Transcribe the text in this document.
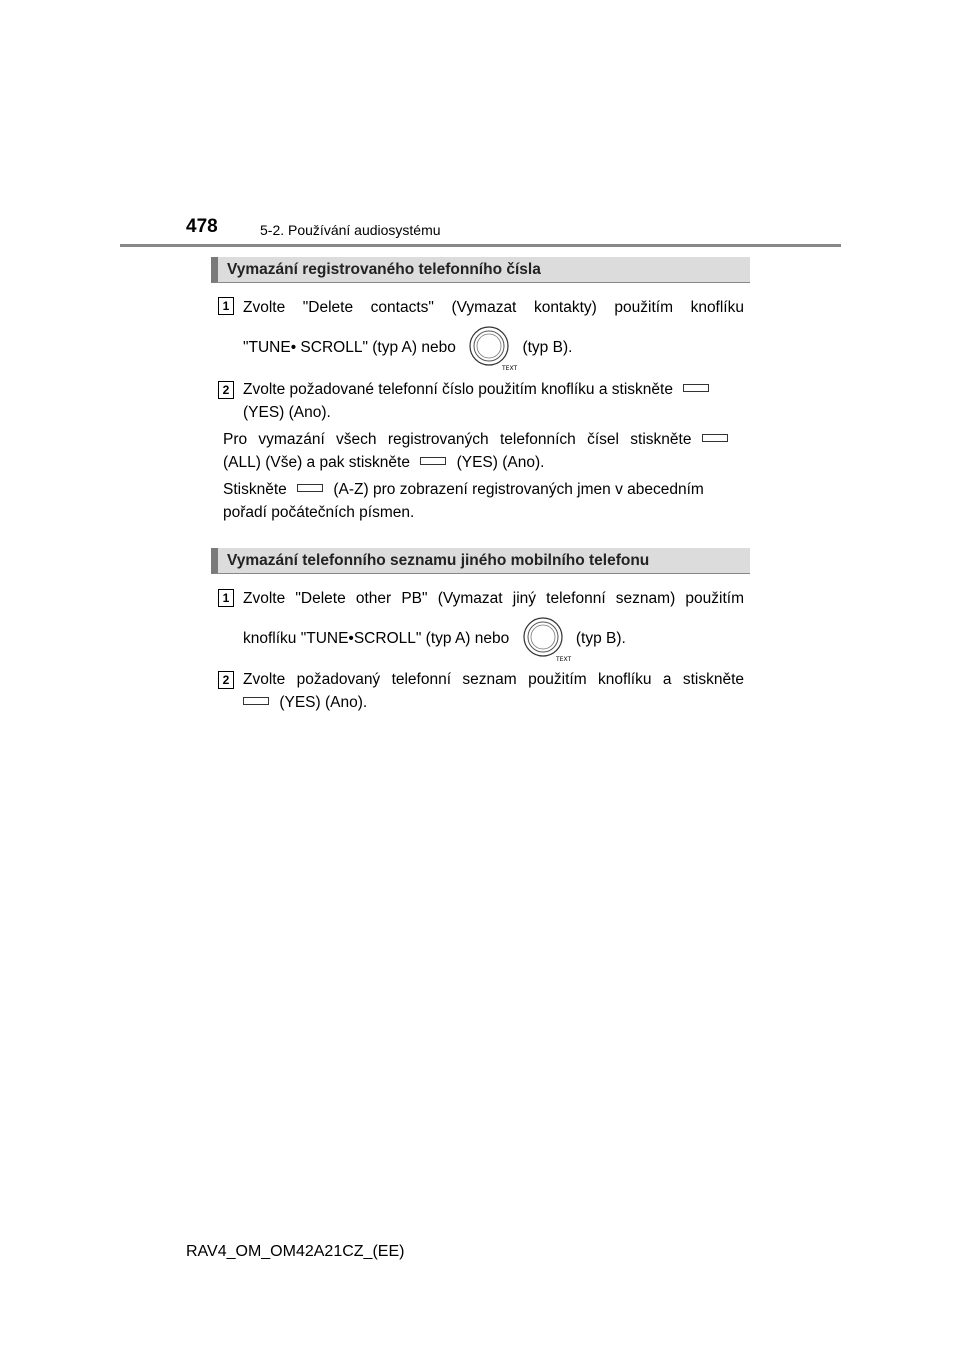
478	5-2. Používání audiosystému
Vymazání registrovaného telefonního čísla
1 Zvolte "Delete contacts" (Vymazat kontakty) použitím knoflíku
"TUNE• SCROLL" (typ A) nebo
TEXT
(typ B).
2 Zvolte požadované telefonní číslo použitím knoflíku a stiskněte
(YES) (Ano).
Pro vymazání všech registrovaných telefonních čísel stiskněte
(ALL) (Vše) a pak stiskněte	(YES) (Ano).
Stiskněte	(A-Z) pro zobrazení registrovaných jmen v abecedním
pořadí počátečních písmen.
Vymazání telefonního seznamu jiného mobilního telefonu
1 Zvolte "Delete other PB" (Vymazat jiný telefonní seznam) použitím
knoflíku "TUNE•SCROLL" (typ A) nebo
TEXT
(typ B).
2 Zvolte požadovaný telefonní seznam použitím knoflíku a stiskněte
(YES) (Ano).
RAV4_OM_OM42A21CZ_(EE)
